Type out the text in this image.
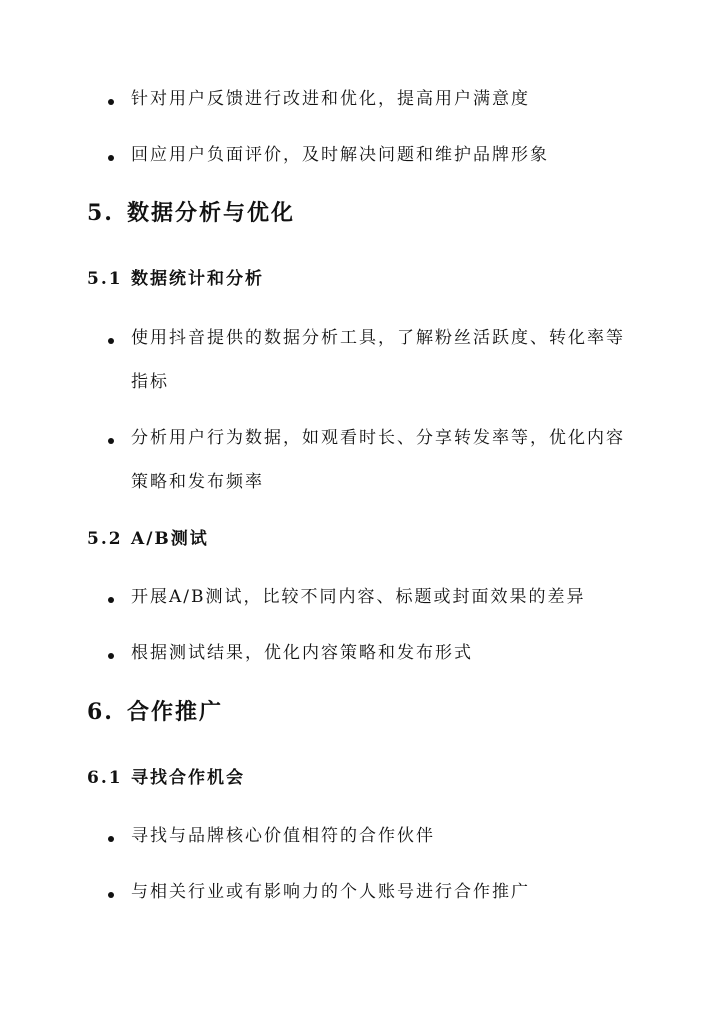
针对用户反馈进行改进和优化，提高用户满意度
回应用户负面评价，及时解决问题和维护品牌形象
5. 数据分析与优化
5.1 数据统计和分析
使用抖音提供的数据分析工具，了解粉丝活跃度、转化率等
指标
分析用户行为数据，如观看时长、分享转发率等，优化内容
策略和发布频率
5.2 A/B测试
开展A/B测试，比较不同内容、标题或封面效果的差异
根据测试结果，优化内容策略和发布形式
6. 合作推广
6.1 寻找合作机会
寻找与品牌核心价值相符的合作伙伴
与相关行业或有影响力的个人账号进行合作推广
